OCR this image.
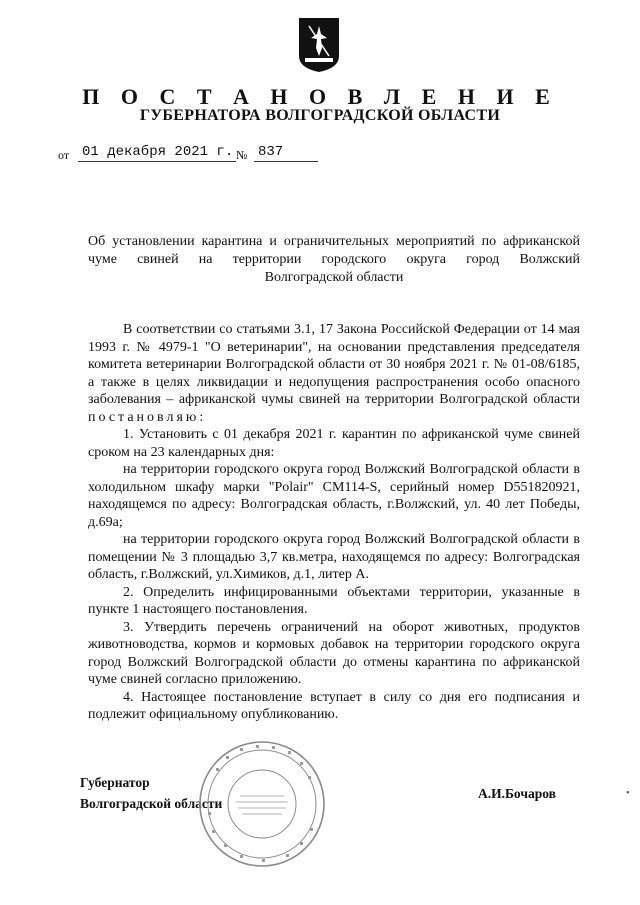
П О С Т А Н О В Л Е Н И Е
ГУБЕРНАТОРА ВОЛГОГРАДСКОЙ ОБЛАСТИ
от 01 декабря 2021 г. № 837
Об установлении карантина и ограничительных мероприятий по африканской
чуме свиней на территории городского округа город Волжский
Волгоградской области

В соответствии со статьями 3.1, 17 Закона Российской Федерации от 14 мая 1993 г. № 4979-1 "О ветеринарии", на основании представления председателя комитета ветеринарии Волгоградской области от 30 ноября 2021 г. № 01-08/6185, а также в целях ликвидации и недопущения распространения особо опасного заболевания – африканской чумы свиней на территории Волгоградской области постановляю:

1. Установить с 01 декабря 2021 г. карантин по африканской чуме свиней сроком на 23 календарных дня:

на территории городского округа город Волжский Волгоградской области в холодильном шкафу марки "Polair" CM114-S, серийный номер D551820921, находящемся по адресу: Волгоградская область, г.Волжский, ул. 40 лет Победы, д.69а;

на территории городского округа город Волжский Волгоградской области в помещении № 3 площадью 3,7 кв.метра, находящемся по адресу: Волгоградская область, г.Волжский, ул.Химиков, д.1, литер А.

2. Определить инфицированными объектами территории, указанные в пункте 1 настоящего постановления.

3. Утвердить перечень ограничений на оборот животных, продуктов животноводства, кормов и кормовых добавок на территории городского округа город Волжский Волгоградской области до отмены карантина по африканской чуме свиней согласно приложению.

4. Настоящее постановление вступает в силу со дня его подписания и подлежит официальному опубликованию.

Губернатор
Волгоградской области
А.И.Бочаров	•
